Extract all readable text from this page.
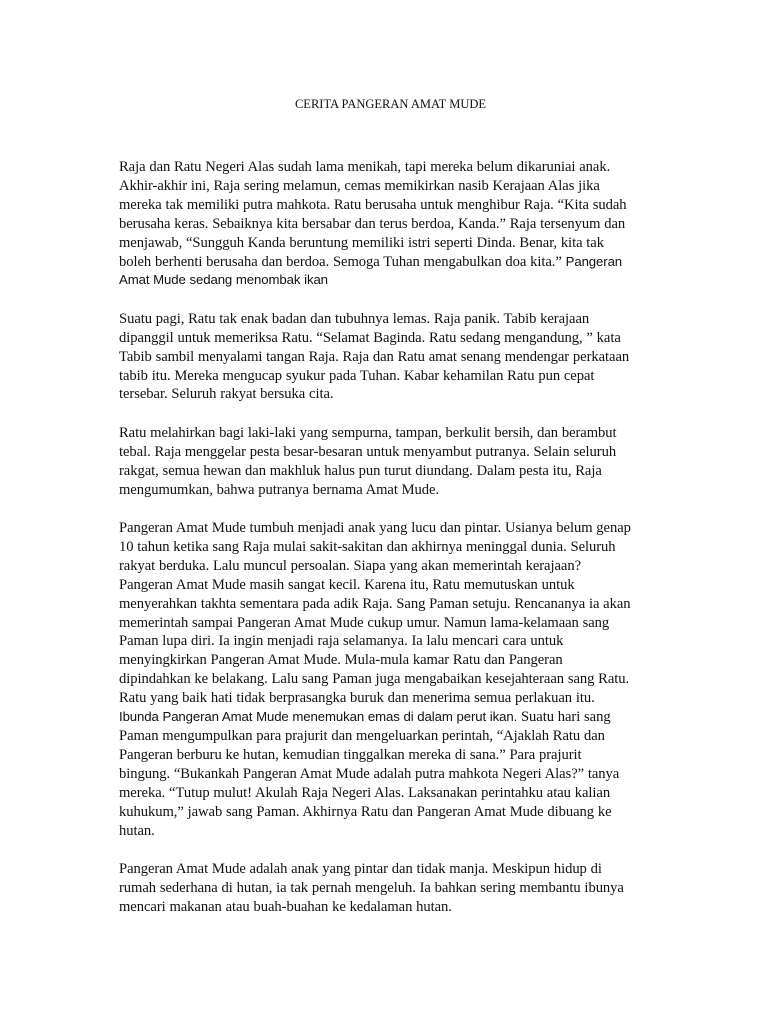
CERITA PANGERAN AMAT MUDE

Raja dan Ratu Negeri Alas sudah lama menikah, tapi mereka belum dikaruniai anak. Akhir-akhir ini, Raja sering melamun, cemas memikirkan nasib Kerajaan Alas jika mereka tak memiliki putra mahkota. Ratu berusaha untuk menghibur Raja. “Kita sudah berusaha keras. Sebaiknya kita bersabar dan terus berdoa, Kanda.” Raja tersenyum dan menjawab, “Sungguh Kanda beruntung memiliki istri seperti Dinda. Benar, kita tak boleh berhenti berusaha dan berdoa. Semoga Tuhan mengabulkan doa kita.” Pangeran Amat Mude sedang menombak ikan

Suatu pagi, Ratu tak enak badan dan tubuhnya lemas. Raja panik. Tabib kerajaan dipanggil untuk memeriksa Ratu. “Selamat Baginda. Ratu sedang mengandung, ” kata Tabib sambil menyalami tangan Raja. Raja dan Ratu amat senang mendengar perkataan tabib itu. Mereka mengucap syukur pada Tuhan. Kabar kehamilan Ratu pun cepat tersebar. Seluruh rakyat bersuka cita.

Ratu melahirkan bagi laki-laki yang sempurna, tampan, berkulit bersih, dan berambut tebal. Raja menggelar pesta besar-besaran untuk menyambut putranya. Selain seluruh rakgat, semua hewan dan makhluk halus pun turut diundang. Dalam pesta itu, Raja mengumumkan, bahwa putranya bernama Amat Mude.

Pangeran Amat Mude tumbuh menjadi anak yang lucu dan pintar. Usianya belum genap 10 tahun ketika sang Raja mulai sakit-sakitan dan akhirnya meninggal dunia. Seluruh rakyat berduka. Lalu muncul persoalan. Siapa yang akan memerintah kerajaan? Pangeran Amat Mude masih sangat kecil. Karena itu, Ratu memutuskan untuk menyerahkan takhta sementara pada adik Raja. Sang Paman setuju. Rencananya ia akan memerintah sampai Pangeran Amat Mude cukup umur. Namun lama-kelamaan sang Paman lupa diri. Ia ingin menjadi raja selamanya. Ia lalu mencari cara untuk menyingkirkan Pangeran Amat Mude. Mula-mula kamar Ratu dan Pangeran dipindahkan ke belakang. Lalu sang Paman juga mengabaikan kesejahteraan sang Ratu. Ratu yang baik hati tidak berprasangka buruk dan menerima semua perlakuan itu. Ibunda Pangeran Amat Mude menemukan emas di dalam perut ikan. Suatu hari sang Paman mengumpulkan para prajurit dan mengeluarkan perintah, “Ajaklah Ratu dan Pangeran berburu ke hutan, kemudian tinggalkan mereka di sana.” Para prajurit bingung. “Bukankah Pangeran Amat Mude adalah putra mahkota Negeri Alas?” tanya mereka. “Tutup mulut! Akulah Raja Negeri Alas. Laksanakan perintahku atau kalian kuhukum,” jawab sang Paman. Akhirnya Ratu dan Pangeran Amat Mude dibuang ke hutan.

Pangeran Amat Mude adalah anak yang pintar dan tidak manja. Meskipun hidup di rumah sederhana di hutan, ia tak pernah mengeluh. Ia bahkan sering membantu ibunya mencari makanan atau buah-buahan ke kedalaman hutan.
